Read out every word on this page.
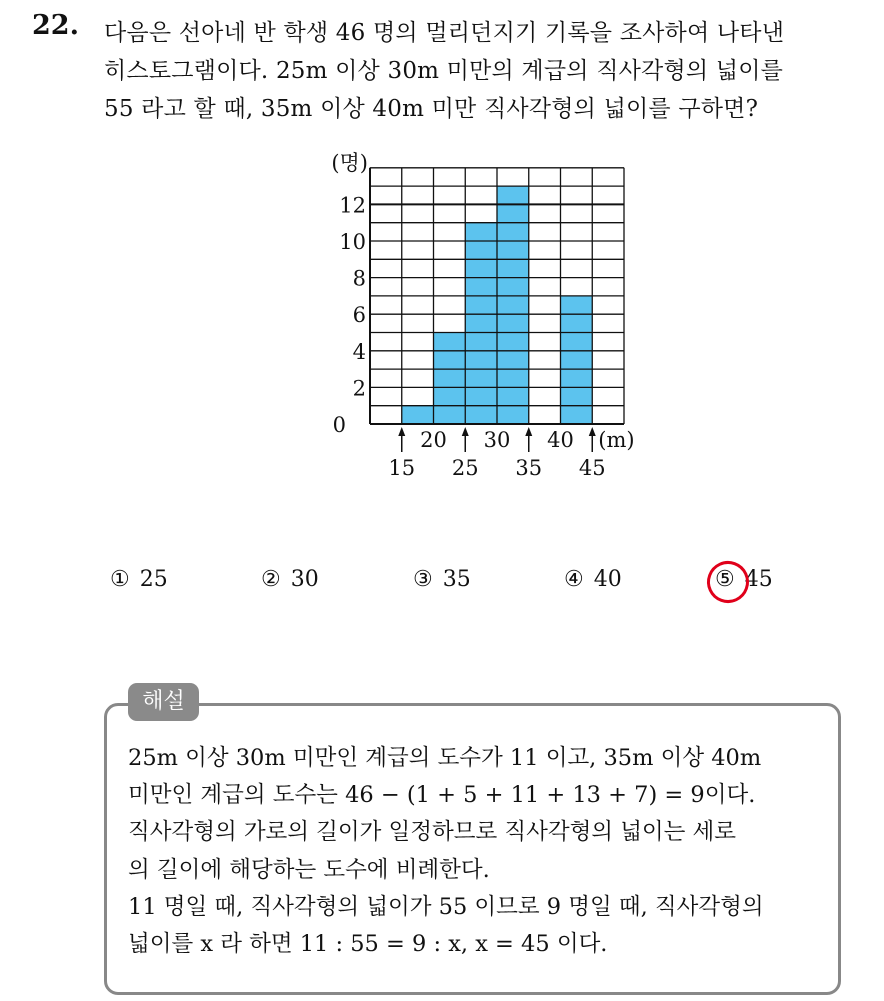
22. 다음은 선아네 반 학생 46 명의 멀리던지기 기록을 조사하여 나타낸
히스토그램이다. 25m 이상 30m 미만의 계급의 직사각형의 넓이를
55 라고 할 때, 35m 이상 40m 미만 직사각형의 넓이를 구하면?
0
2
4
6
8
10
12
(명)
15 25 35 45
20 30 40 (m)
① 25	② 30	③ 35	④ 40	⑤ 45
해설
25m 이상 30m 미만인 계급의 도수가 11 이고, 35m 이상 40m
미만인 계급의 도수는 46 − (1 + 5 + 11 + 13 + 7) = 9이다.
직사각형의 가로의 길이가 일정하므로 직사각형의 넓이는 세로
의 길이에 해당하는 도수에 비례한다.
11 명일 때, 직사각형의 넓이가 55 이므로 9 명일 때, 직사각형의
넓이를 x 라 하면 11 : 55 = 9 : x, x = 45 이다.
